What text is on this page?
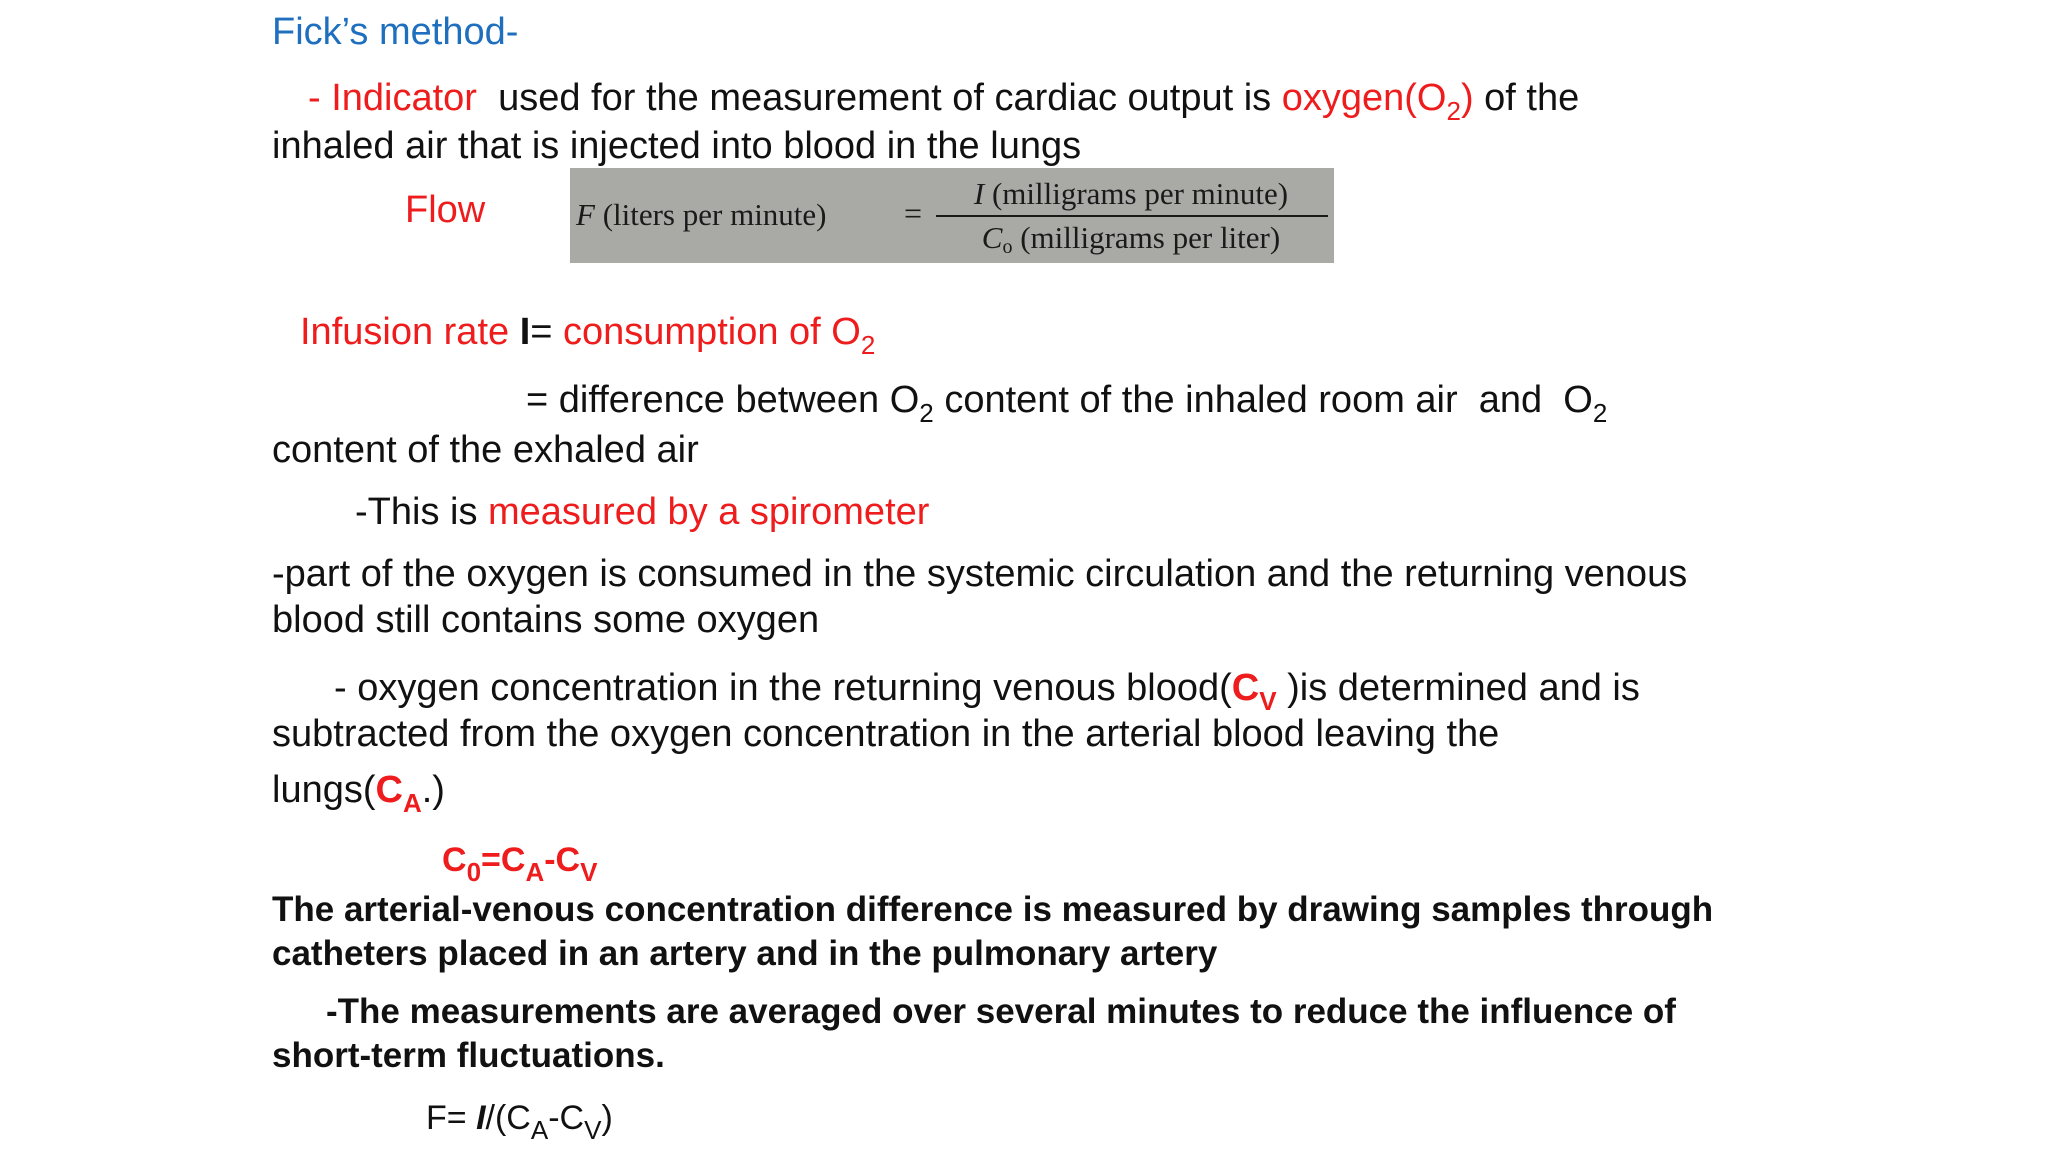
Fick’s method-
- Indicator  used for the measurement of cardiac output is $oxygen(O_2)$ of the
inhaled air that is injected into blood in the lungs
Flow	F (liters per minute) =
I (milligrams per minute)
Co (milligrams per liter)
Infusion rate I= consumption of $O_2$
= difference between $O_2$ content of the inhaled room air  and  $O_2$
content of the exhaled air
-This is measured by a spirometer
-part of the oxygen is consumed in the systemic circulation and the returning venous
blood still contains some oxygen
- oxygen concentration in the returning venous $blood(C_V$ )is determined and is
subtracted from the oxygen concentration in the arterial blood leaving the
$lungs(C_A.)$
$C_0=C_A-C_V$
The arterial-venous concentration difference is measured by drawing samples through
catheters placed in an artery and in the pulmonary artery
-The measurements are averaged over several minutes to reduce the influence of
short-term fluctuations.
$F= I/(C_A-C_V)$
